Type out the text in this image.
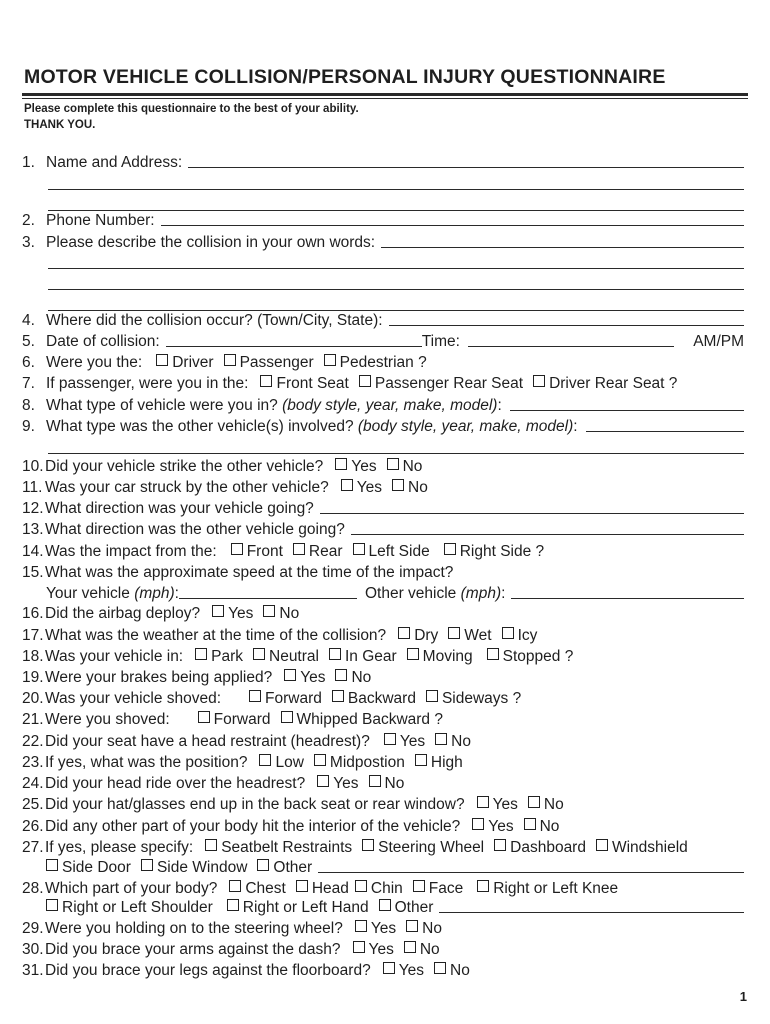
MOTOR VEHICLE COLLISION/PERSONAL INJURY QUESTIONNAIRE
Please complete this questionnaire to the best of your ability.
THANK YOU.
1. Name and Address:
2. Phone Number:
3. Please describe the collision in your own words:
4. Where did the collision occur? (Town/City, State):
5. Date of collision:	Time:	AM/PM
6. Were you the: Driver Passenger Pedestrian ?
7. If passenger, were you in the: Front Seat Passenger Rear Seat Driver Rear Seat ?
8. What type of vehicle were you in?
(body style, year, make, model) :
9. What type was the other vehicle(s) involved?
(body style, year, make, model) :
10. Did your vehicle strike the other vehicle? Yes No
11. Was your car struck by the other vehicle? Yes No
12. What direction was your vehicle going?
13. What direction was the other vehicle going?
14. Was the impact from the: Front Rear Left Side Right Side ?
15. What was the approximate speed at the time of the impact?
Your vehicle
(mph) :	Other vehicle
(mph) :
16. Did the airbag deploy? Yes No
17. What was the weather at the time of the collision? Dry Wet Icy
18. Was your vehicle in: Park Neutral In Gear Moving Stopped ?
19. Were your brakes being applied? Yes No
20. Was your vehicle shoved:	Forward Backward Sideways ?
21. Were you shoved:	Forward Whipped Backward ?
22. Did your seat have a head restraint (headrest)? Yes No
23. If yes, what was the position? Low Midpostion High
24. Did your head ride over the headrest? Yes No
25. Did your hat/glasses end up in the back seat or rear window? Yes No
26. Did any other part of your body hit the interior of the vehicle? Yes No
27. If yes, please specify: Seatbelt Restraints Steering Wheel Dashboard Windshield
Side Door Side Window Other
28. Which part of your body? Chest Head Chin Face Right or Left Knee
Right or Left Shoulder Right or Left Hand Other
29. Were you holding on to the steering wheel? Yes No
30. Did you brace your arms against the dash? Yes No
31. Did you brace your legs against the floorboard? Yes No
1
